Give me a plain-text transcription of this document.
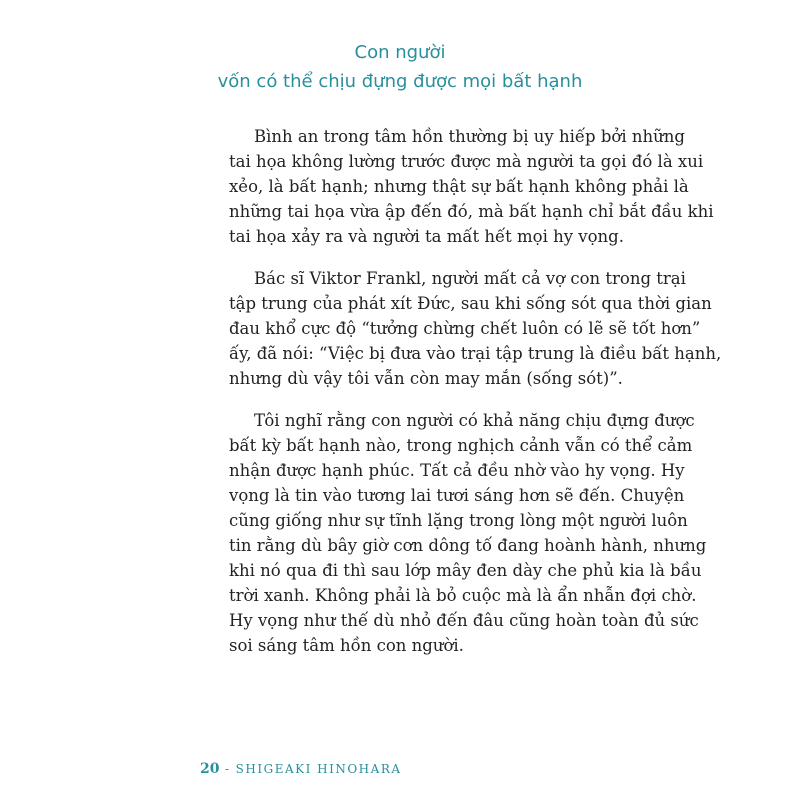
Con người
vốn có thể chịu đựng được mọi bất hạnh
Bình an trong tâm hồn thường bị uy hiếp bởi những
tai họa không lường trước được mà người ta gọi đó là xui
xẻo, là bất hạnh; nhưng thật sự bất hạnh không phải là
những tai họa vừa ập đến đó, mà bất hạnh chỉ bắt đầu khi
tai họa xảy ra và người ta mất hết mọi hy vọng.
Bác sĩ Viktor Frankl, người mất cả vợ con trong trại
tập trung của phát xít Đức, sau khi sống sót qua thời gian
đau khổ cực độ “tưởng chừng chết luôn có lẽ sẽ tốt hơn”
ấy, đã nói: “Việc bị đưa vào trại tập trung là điều bất hạnh,
nhưng dù vậy tôi vẫn còn may mắn (sống sót)”.
Tôi nghĩ rằng con người có khả năng chịu đựng được
bất kỳ bất hạnh nào, trong nghịch cảnh vẫn có thể cảm
nhận được hạnh phúc. Tất cả đều nhờ vào hy vọng. Hy
vọng là tin vào tương lai tươi sáng hơn sẽ đến. Chuyện
cũng giống như sự tĩnh lặng trong lòng một người luôn
tin rằng dù bây giờ cơn dông tố đang hoành hành, nhưng
khi nó qua đi thì sau lớp mây đen dày che phủ kia là bầu
trời xanh. Không phải là bỏ cuộc mà là ẩn nhẫn đợi chờ.
Hy vọng như thế dù nhỏ đến đâu cũng hoàn toàn đủ sức
soi sáng tâm hồn con người.
20 - SHIGEAKI HINOHARA
